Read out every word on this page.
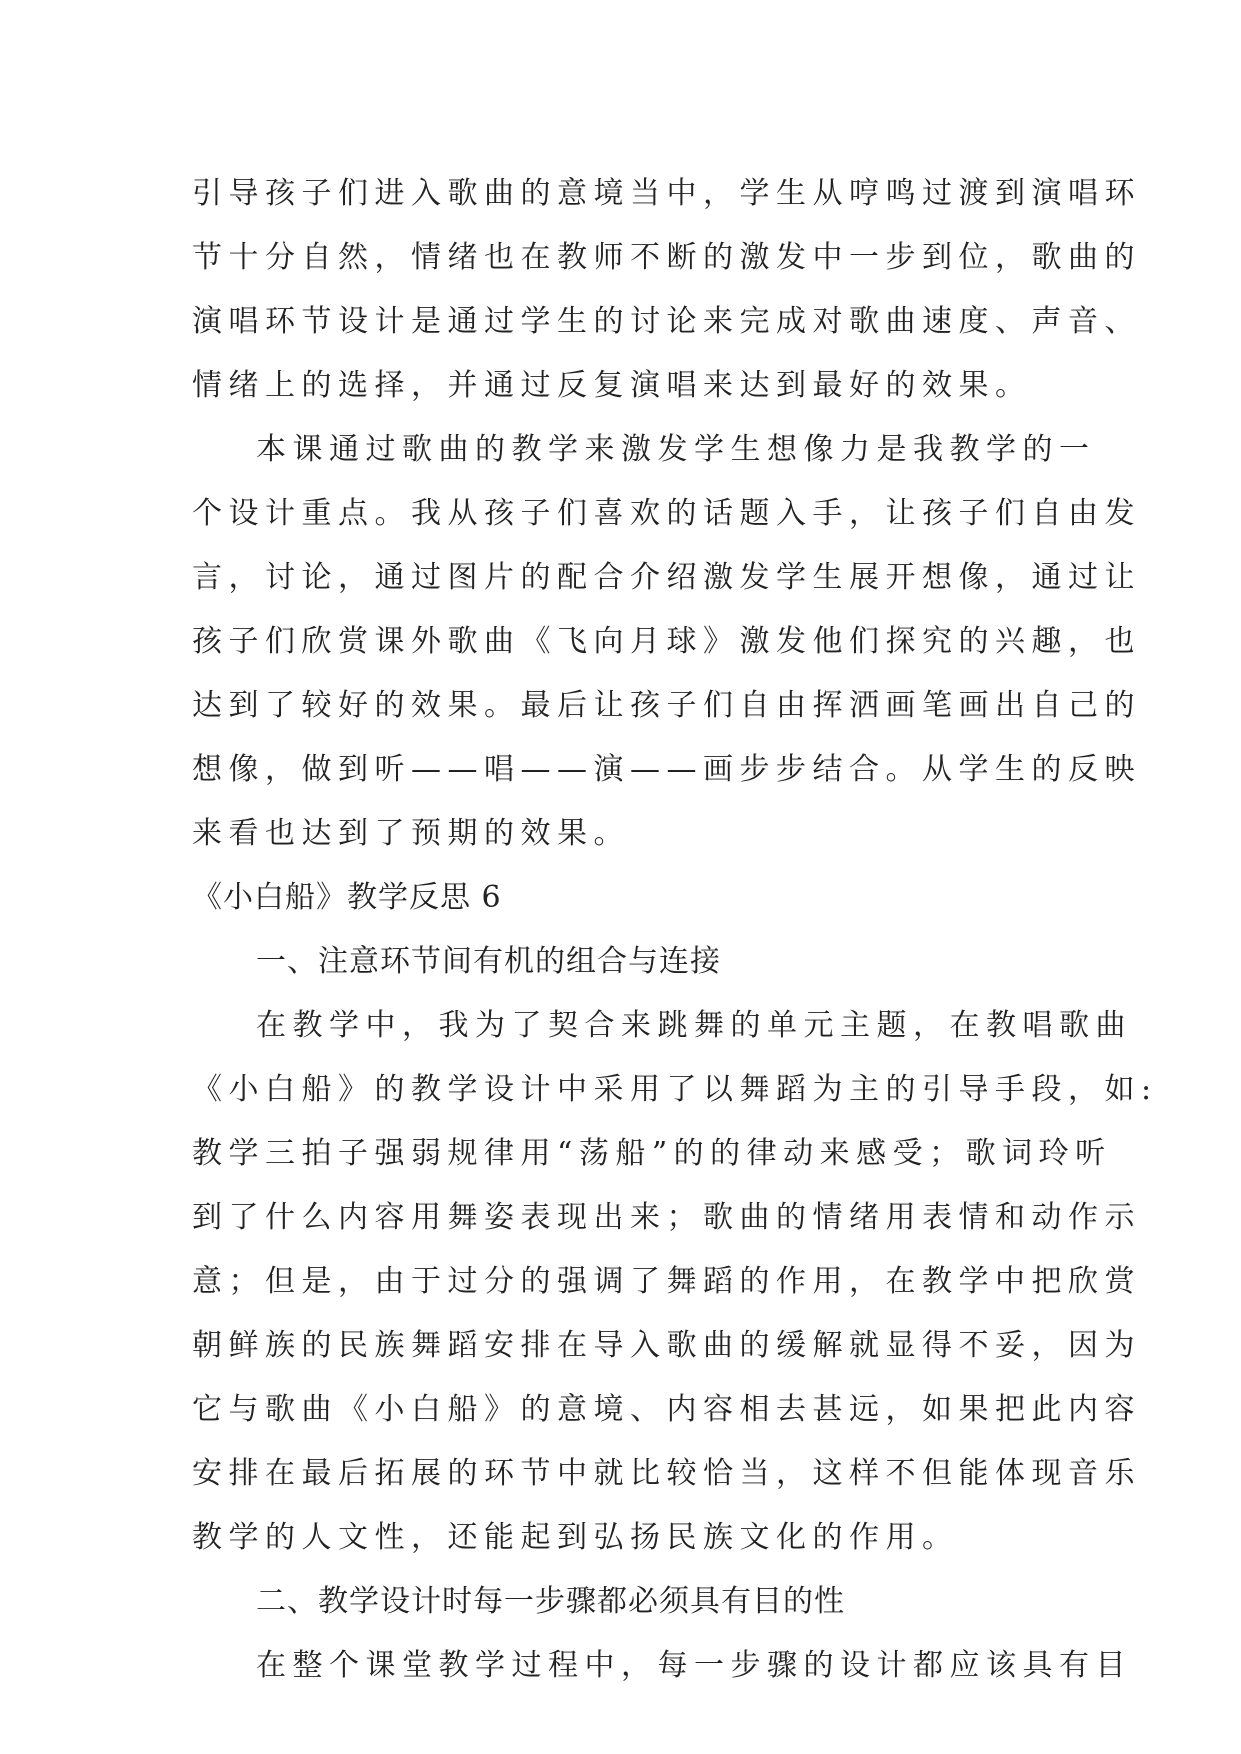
引导孩子们进入歌曲的意境当中，学生从哼鸣过渡到演唱环
节十分自然，情绪也在教师不断的激发中一步到位，歌曲的
演唱环节设计是通过学生的讨论来完成对歌曲速度、声音、
情绪上的选择，并通过反复演唱来达到最好的效果。
本课通过歌曲的教学来激发学生想像力是我教学的一
个设计重点。我从孩子们喜欢的话题入手，让孩子们自由发
言，讨论，通过图片的配合介绍激发学生展开想像，通过让
孩子们欣赏课外歌曲《飞向月球》激发他们探究的兴趣，也
达到了较好的效果。最后让孩子们自由挥洒画笔画出自己的
想像，做到听——唱——演——画步步结合。从学生的反映
来看也达到了预期的效果。
《小白船》教学反思 6
一、注意环节间有机的组合与连接
在教学中，我为了契合来跳舞的单元主题，在教唱歌曲
《小白船》的教学设计中采用了以舞蹈为主的引导手段，如:
教学三拍子强弱规律用“荡船”的的律动来感受；歌词玲听
到了什么内容用舞姿表现出来；歌曲的情绪用表情和动作示
意；但是，由于过分的强调了舞蹈的作用，在教学中把欣赏
朝鲜族的民族舞蹈安排在导入歌曲的缓解就显得不妥，因为
它与歌曲《小白船》的意境、内容相去甚远，如果把此内容
安排在最后拓展的环节中就比较恰当，这样不但能体现音乐
教学的人文性，还能起到弘扬民族文化的作用。
二、教学设计时每一步骤都必须具有目的性
在整个课堂教学过程中，每一步骤的设计都应该具有目
